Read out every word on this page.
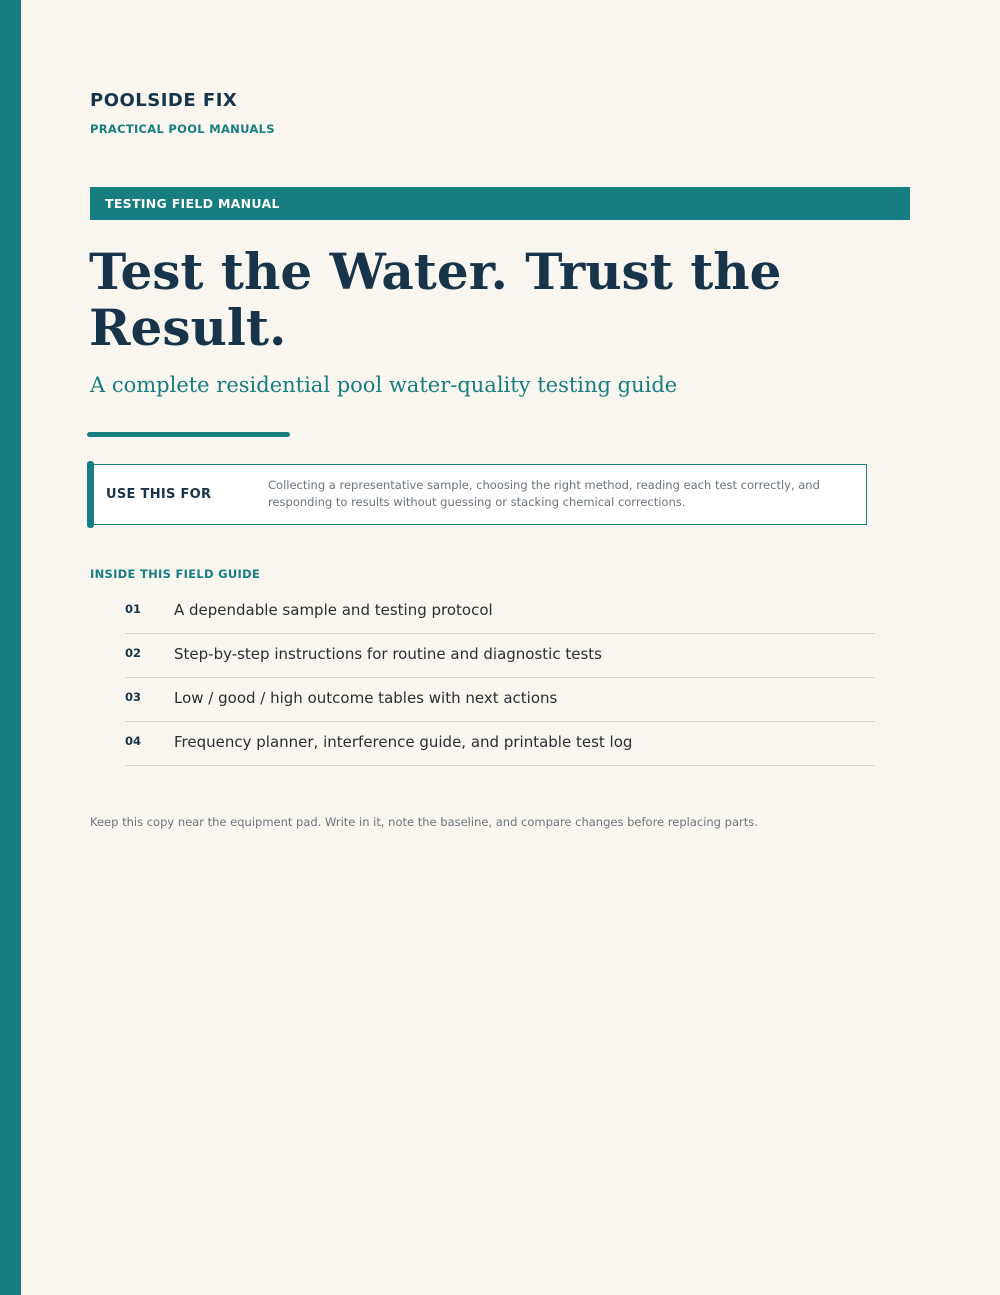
POOLSIDE FIX
PRACTICAL POOL MANUALS
TESTING FIELD MANUAL
Test the Water. Trust the Result.
A complete residential pool water-quality testing guide
USE THIS FOR
Collecting a representative sample, choosing the right method, reading each test correctly, and responding to results without guessing or stacking chemical corrections.
INSIDE THIS FIELD GUIDE
01 A dependable sample and testing protocol
02 Step-by-step instructions for routine and diagnostic tests
03 Low / good / high outcome tables with next actions
04 Frequency planner, interference guide, and printable test log
Keep this copy near the equipment pad. Write in it, note the baseline, and compare changes before replacing parts.
